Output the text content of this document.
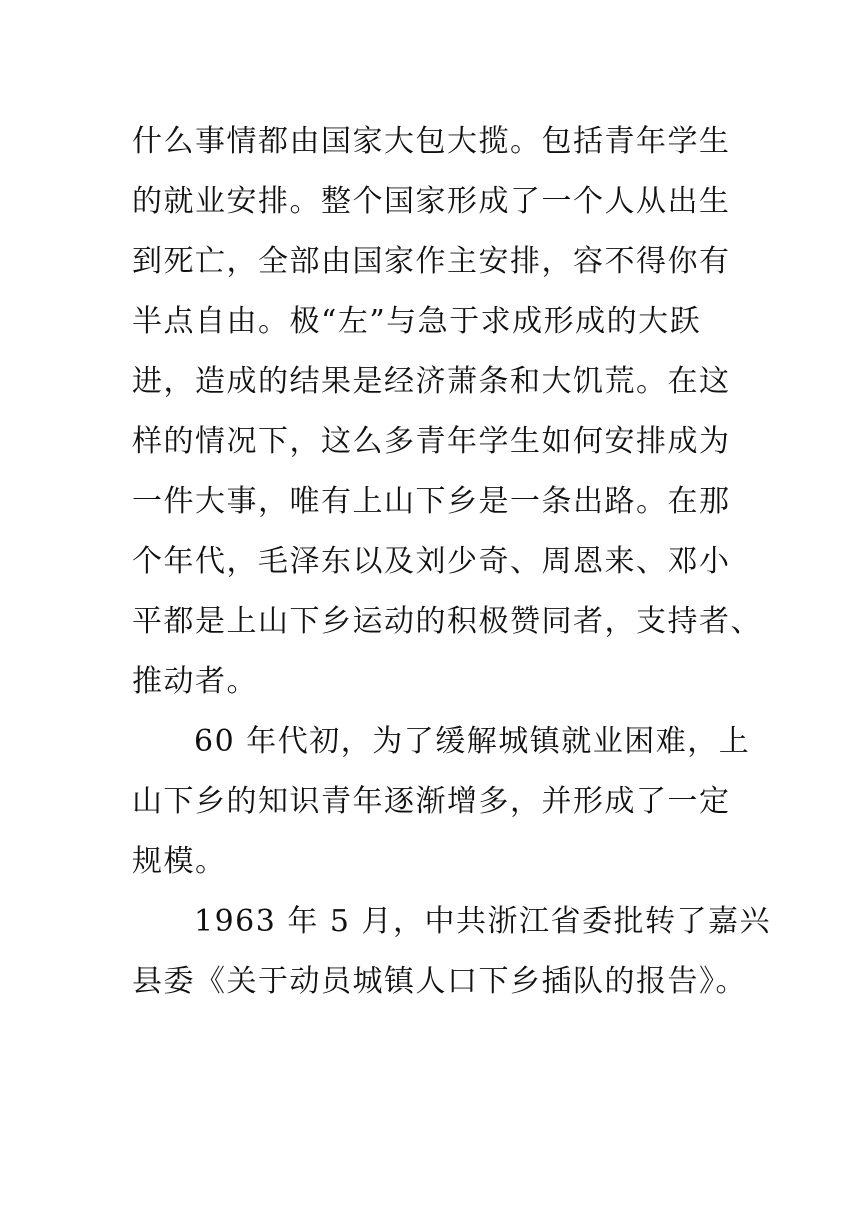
什么事情都由国家大包大揽。包括青年学生
的就业安排。整个国家形成了一个人从出生
到死亡，全部由国家作主安排，容不得你有
半点自由。极“左”与急于求成形成的大跃
进，造成的结果是经济萧条和大饥荒。在这
样的情况下，这么多青年学生如何安排成为
一件大事，唯有上山下乡是一条出路。在那
个年代，毛泽东以及刘少奇、周恩来、邓小
平都是上山下乡运动的积极赞同者，支持者、
推动者。
60 年代初，为了缓解城镇就业困难，上
山下乡的知识青年逐渐增多，并形成了一定
规模。
1963 年 5 月，中共浙江省委批转了嘉兴
县委《关于动员城镇人口下乡插队的报告》。
